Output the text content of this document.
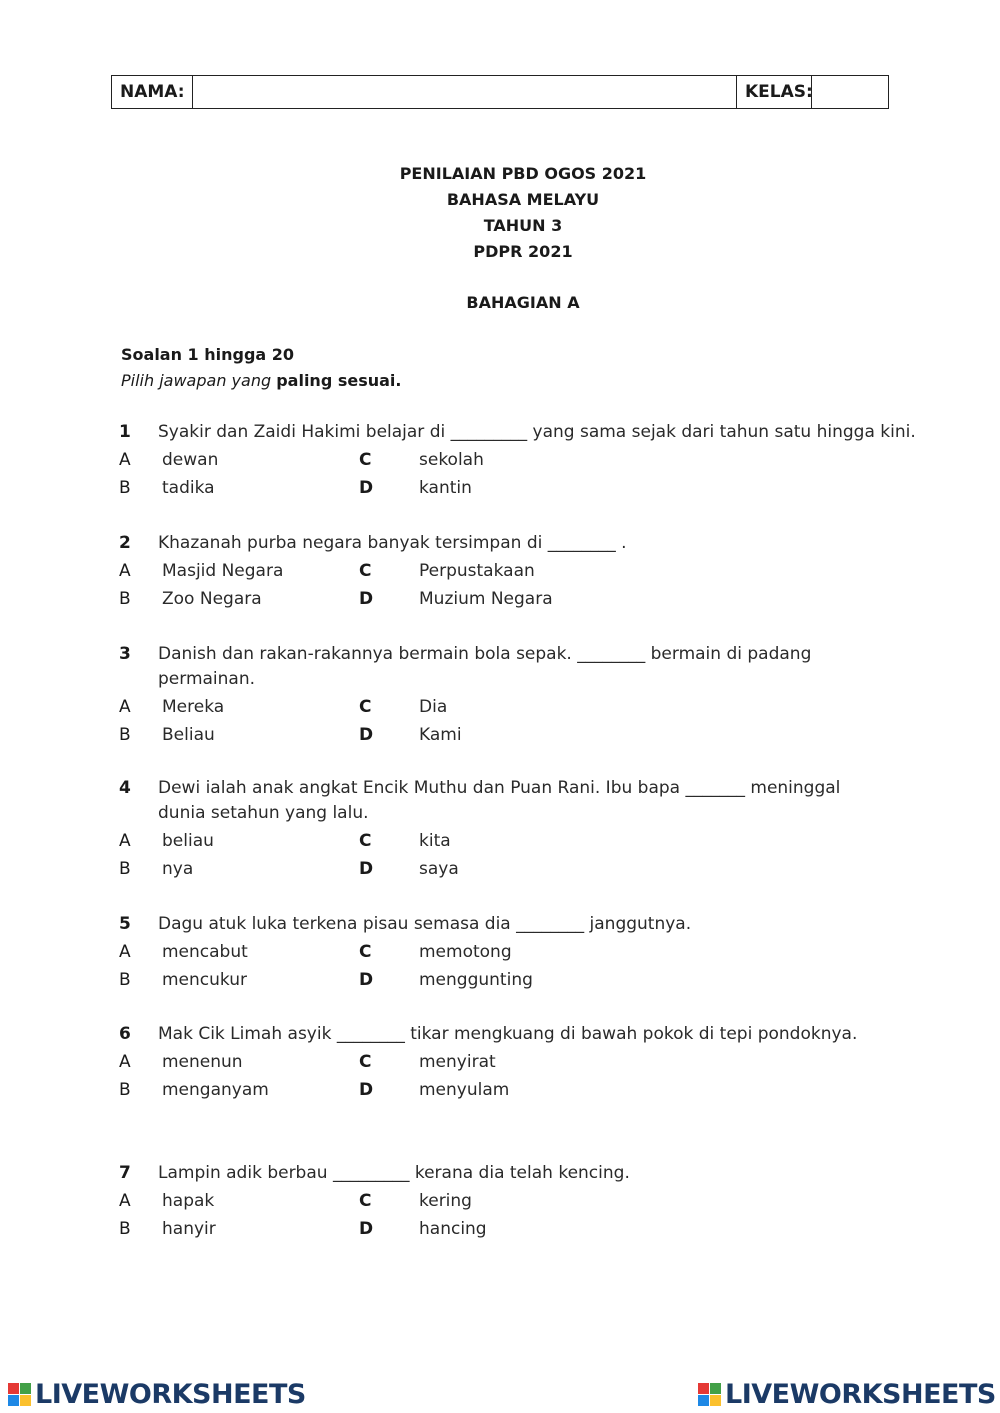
NAMA:		KELAS:	
PENILAIAN PBD OGOS 2021
BAHASA MELAYU
TAHUN 3
PDPR 2021
BAHAGIAN A
Soalan 1 hingga 20
Pilih jawapan yang paling sesuai.
1 Syakir dan Zaidi Hakimi belajar di _________ yang sama sejak dari tahun satu hingga kini.
A dewan	C	sekolah
B tadika	D	kantin
2 Khazanah purba negara banyak tersimpan di ________ .
A Masjid Negara	C	Perpustakaan
B Zoo Negara	D	Muzium Negara
3 Danish dan rakan-rakannya bermain bola sepak. ________ bermain di padang permainan.
A Mereka	C	Dia
B Beliau	D	Kami
4 Dewi ialah anak angkat Encik Muthu dan Puan Rani. Ibu bapa _______ meninggal dunia setahun yang lalu.
A beliau	C	kita
B nya	D	saya
5 Dagu atuk luka terkena pisau semasa dia ________ janggutnya.
A mencabut	C	memotong
B mencukur	D	menggunting
6 Mak Cik Limah asyik ________ tikar mengkuang di bawah pokok di tepi pondoknya.
A menenun	C	menyirat
B menganyam	D	menyulam
7 Lampin adik berbau _________ kerana dia telah kencing.
A hapak	C	kering
B hanyir	D	hancing
LIVEWORKSHEETS	LIVEWORKSHEETS
